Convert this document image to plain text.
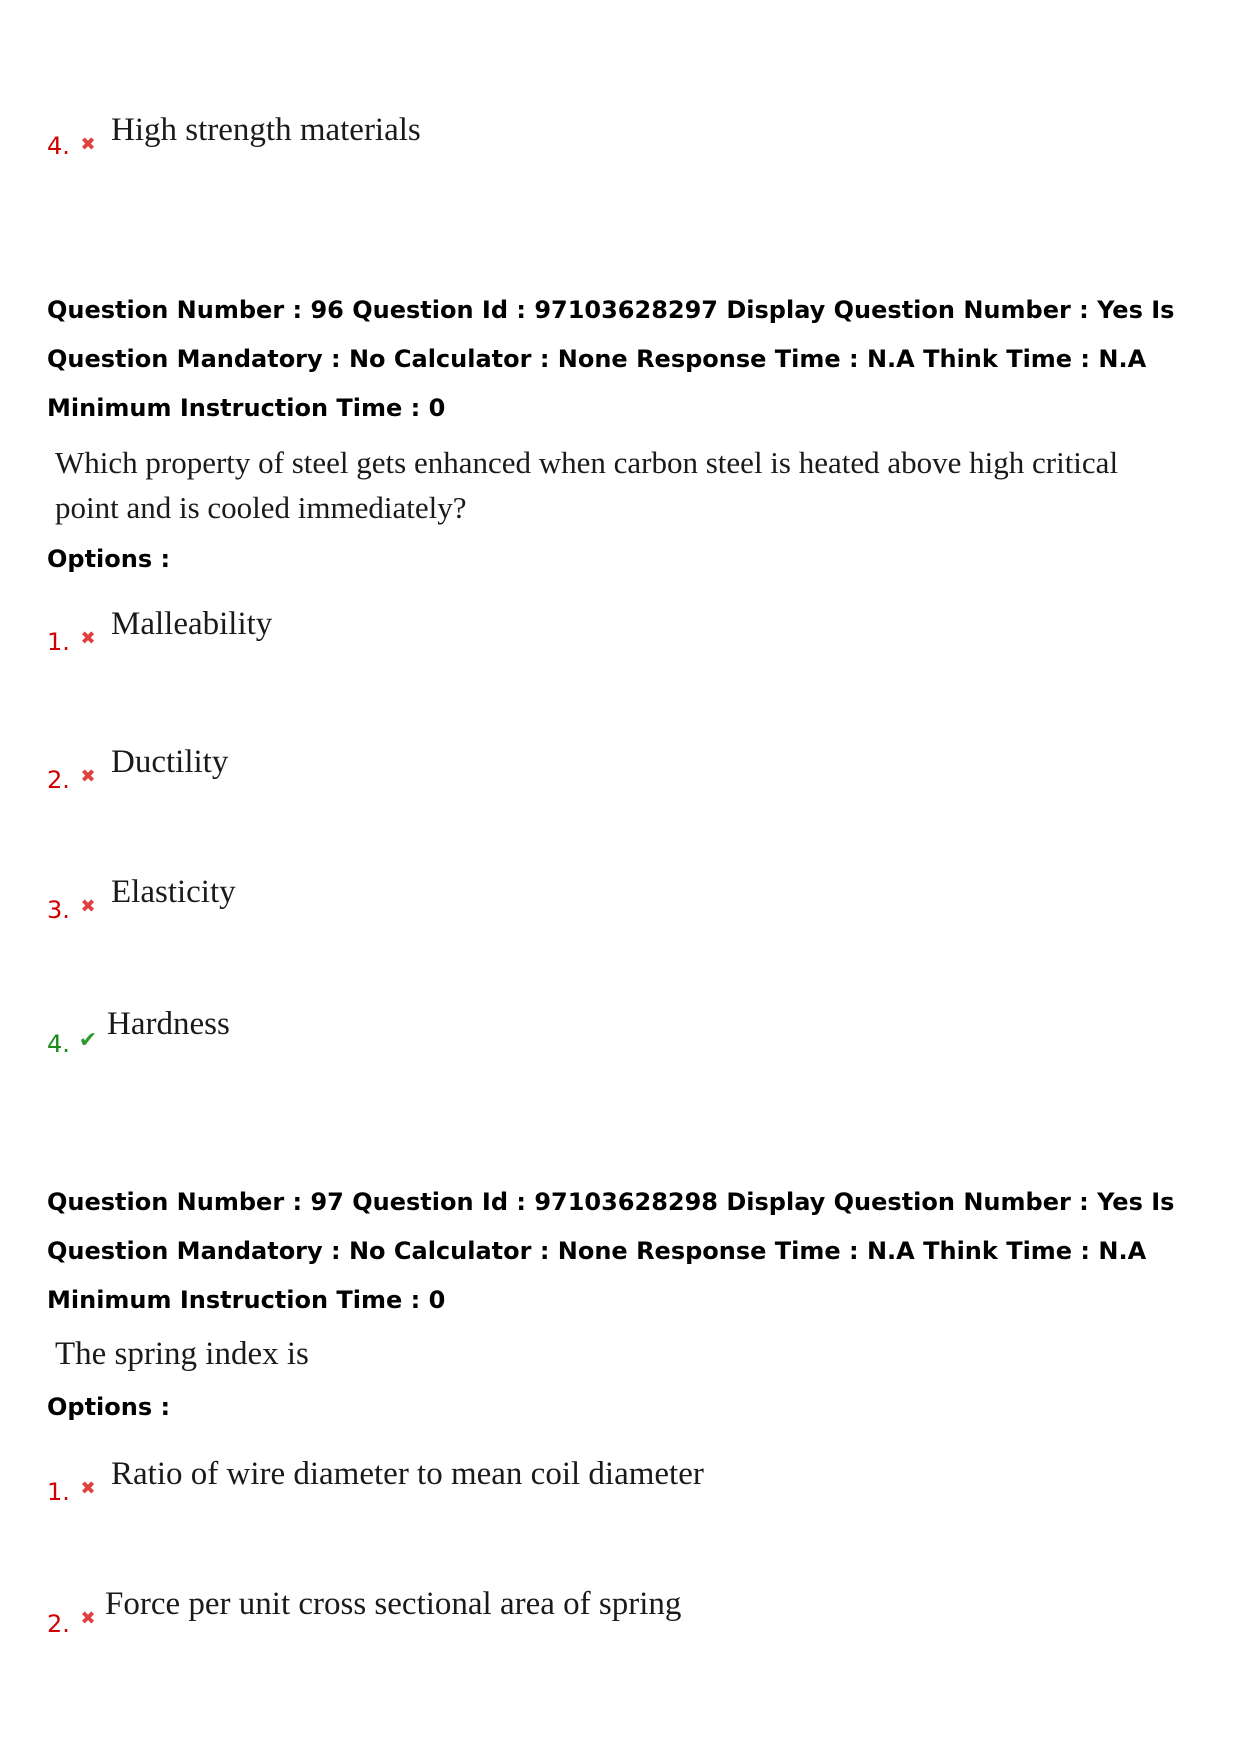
4. ✖ High strength materials
Question Number : 96 Question Id : 97103628297 Display Question Number : Yes Is Question Mandatory : No Calculator : None Response Time : N.A Think Time : N.A Minimum Instruction Time : 0
Which property of steel gets enhanced when carbon steel is heated above high critical
point and is cooled immediately?
Options :
1. ✖ Malleability
2. ✖ Ductility
3. ✖ Elasticity
4. ✔ Hardness
Question Number : 97 Question Id : 97103628298 Display Question Number : Yes Is Question Mandatory : No Calculator : None Response Time : N.A Think Time : N.A Minimum Instruction Time : 0
The spring index is
Options :
1. ✖ Ratio of wire diameter to mean coil diameter
2. ✖ Force per unit cross sectional area of spring
